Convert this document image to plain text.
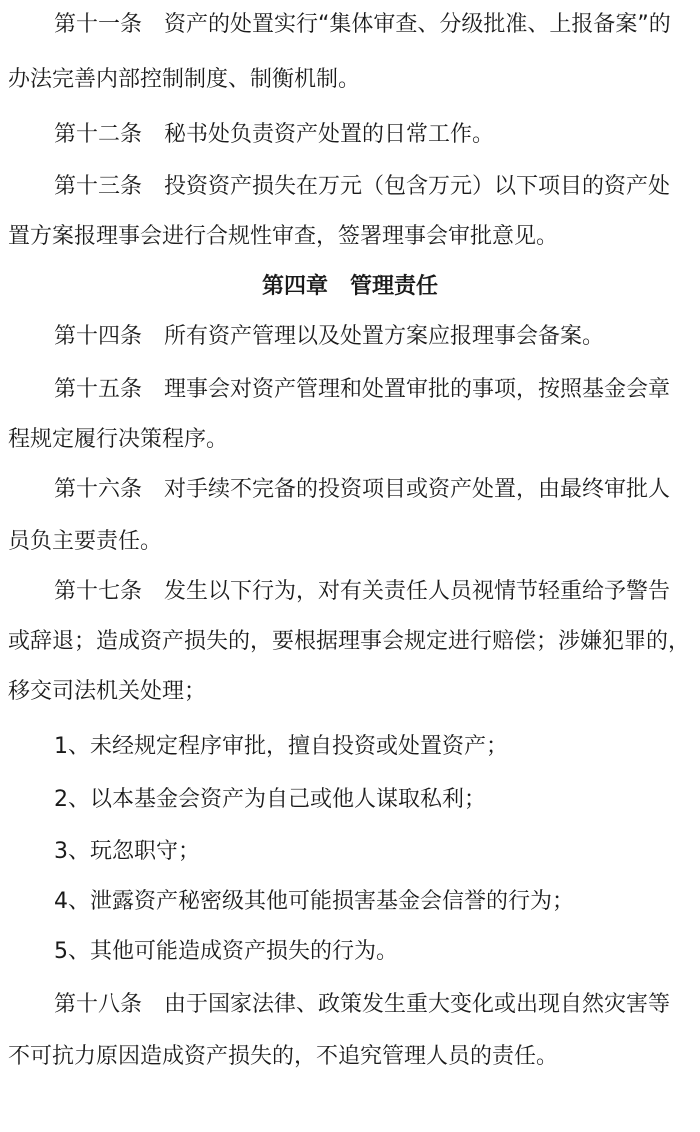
第十一条 资产的处置实行“集体审查、分级批准、上报备案”的
办法完善内部控制制度、制衡机制。
第十二条 秘书处负责资产处置的日常工作。
第十三条 投资资产损失在万元（包含万元）以下项目的资产处
置方案报理事会进行合规性审查，签署理事会审批意见。
第四章　管理责任
第十四条 所有资产管理以及处置方案应报理事会备案。
第十五条 理事会对资产管理和处置审批的事项，按照基金会章
程规定履行决策程序。
第十六条 对手续不完备的投资项目或资产处置，由最终审批人
员负主要责任。
第十七条 发生以下行为，对有关责任人员视情节轻重给予警告
或辞退；造成资产损失的，要根据理事会规定进行赔偿；涉嫌犯罪的，
移交司法机关处理；
1、未经规定程序审批，擅自投资或处置资产；
2、以本基金会资产为自己或他人谋取私利；
3、玩忽职守；
4、泄露资产秘密级其他可能损害基金会信誉的行为；
5、其他可能造成资产损失的行为。
第十八条 由于国家法律、政策发生重大变化或出现自然灾害等
不可抗力原因造成资产损失的，不追究管理人员的责任。
